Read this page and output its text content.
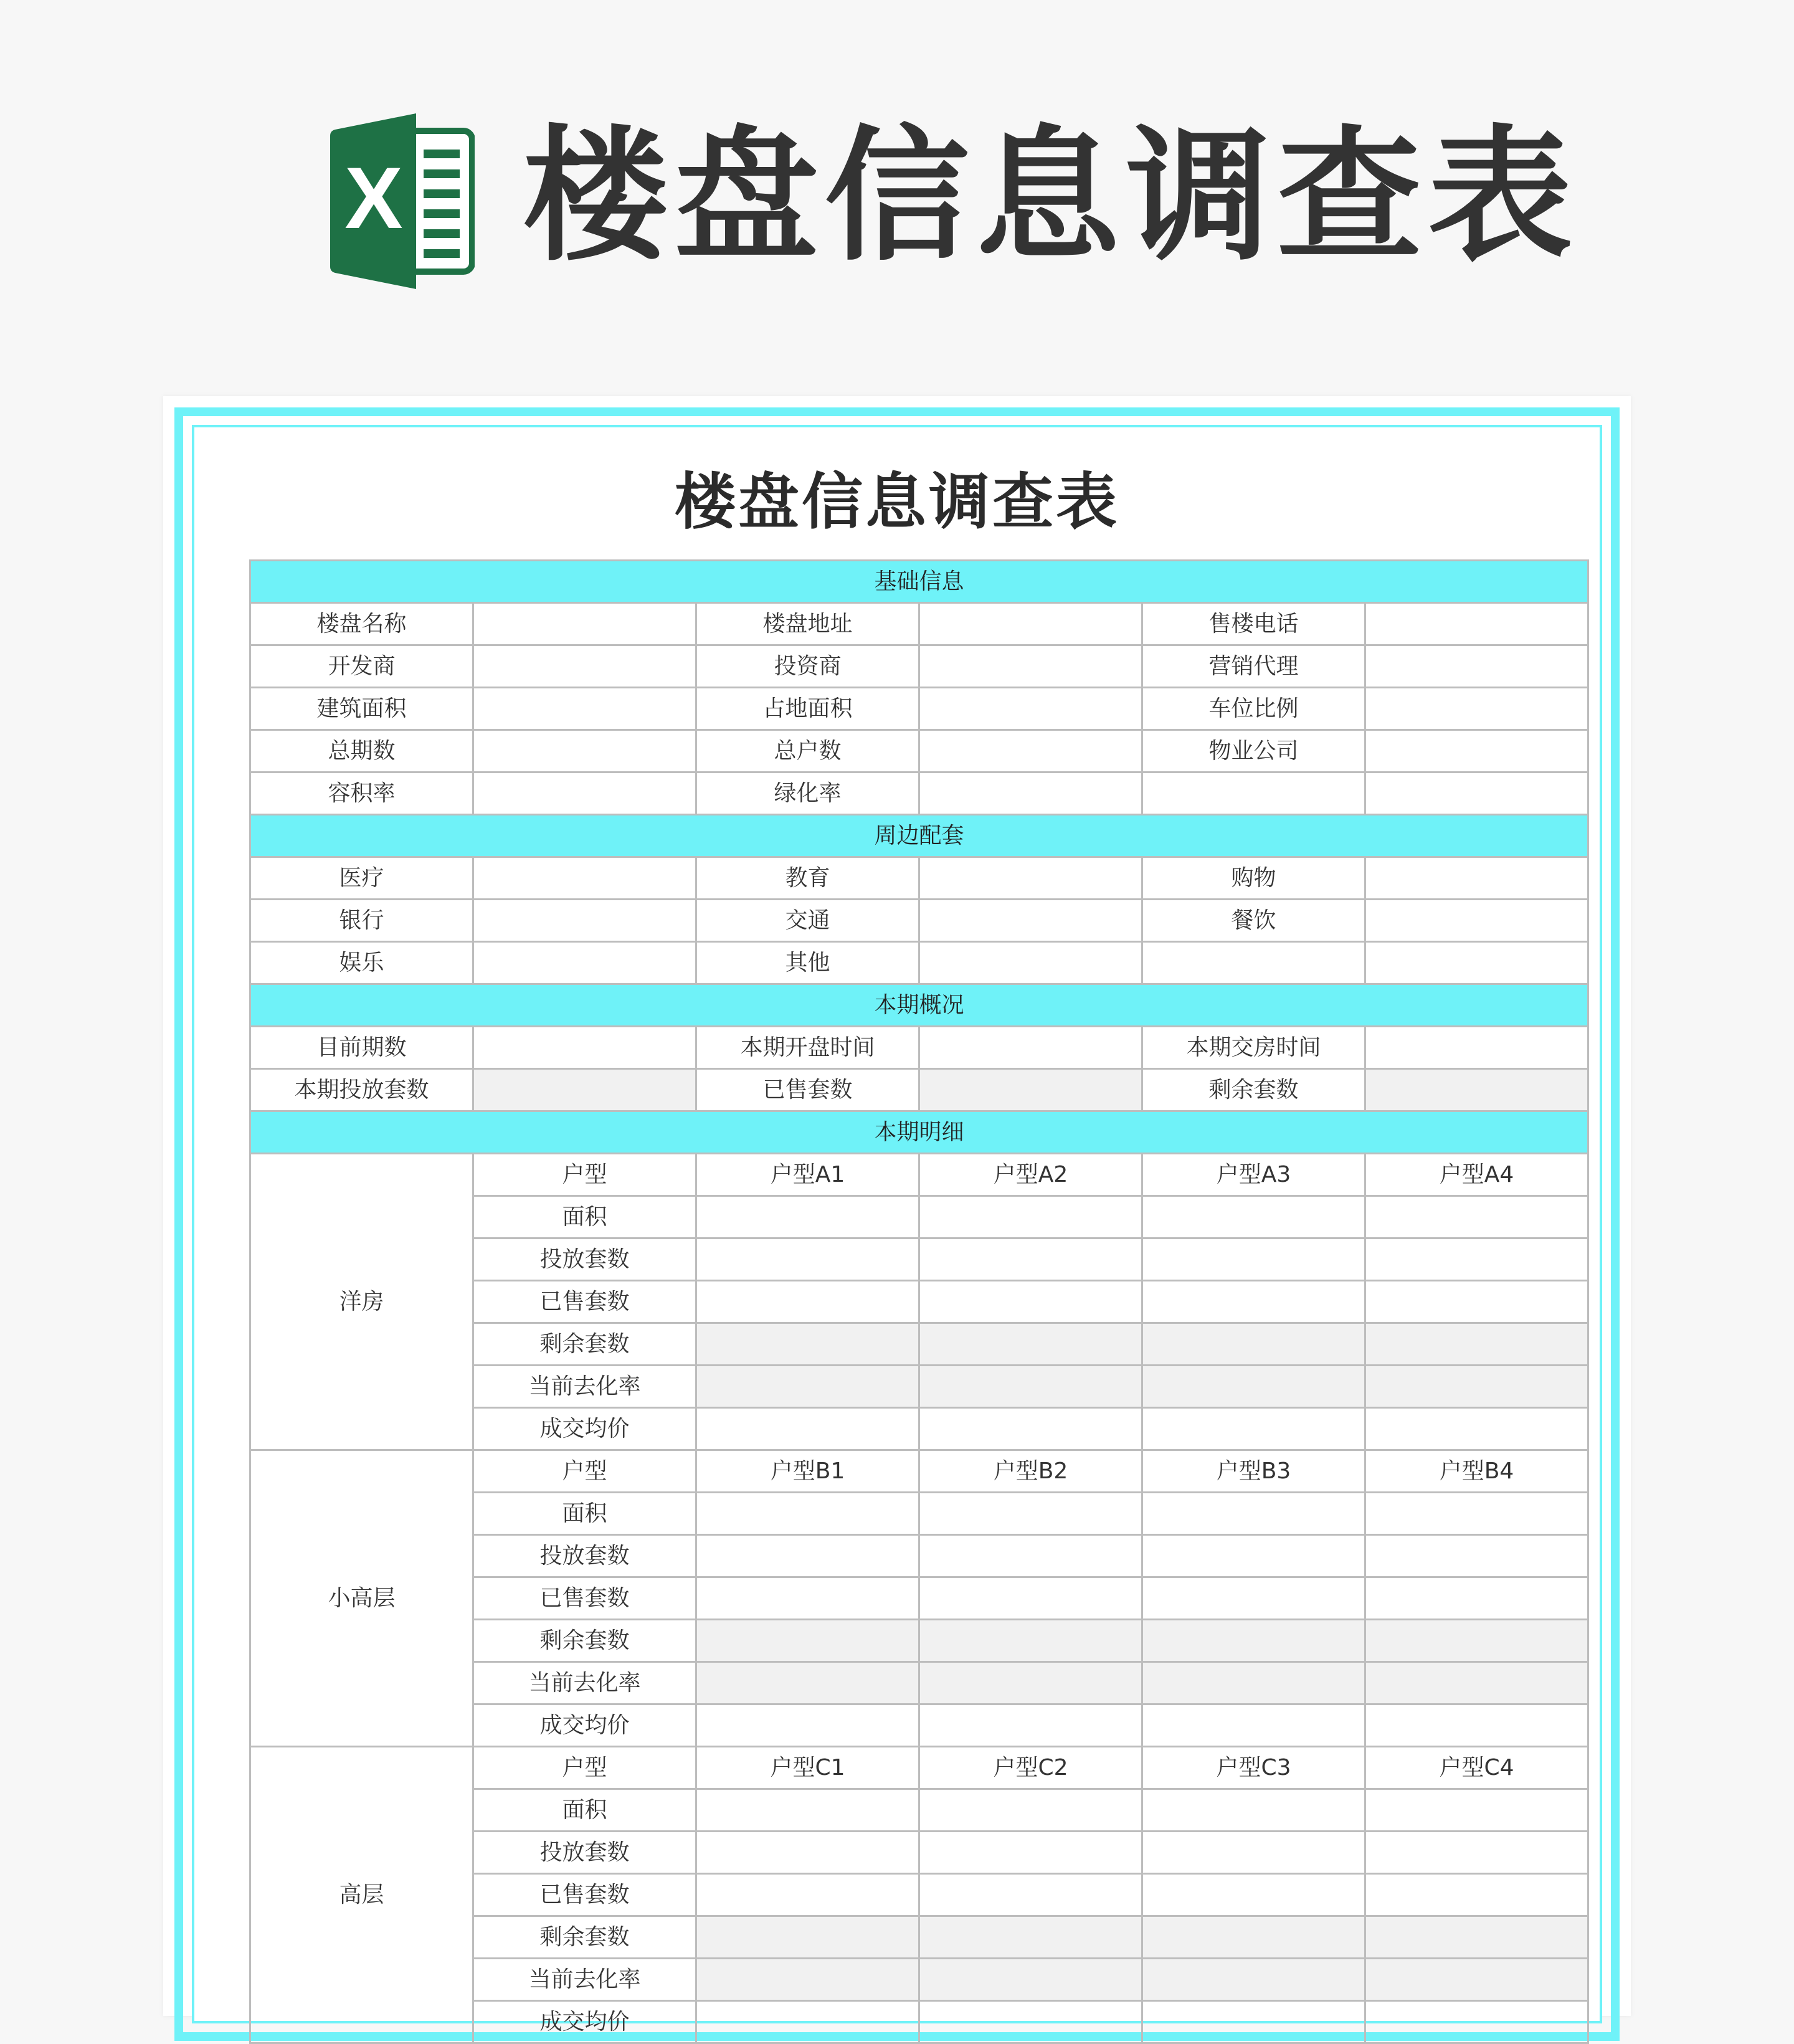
X 楼盘信息调查表
楼盘信息调查表
基础信息					
楼盘名称		楼盘地址		售楼电话	
开发商		投资商		营销代理	
建筑面积		占地面积		车位比例	
总期数		总户数		物业公司	
容积率		绿化率			
周边配套					
医疗		教育		购物	
银行		交通		餐饮	
娱乐		其他			
本期概况					
目前期数		本期开盘时间		本期交房时间	
本期投放套数		已售套数		剩余套数	
本期明细					
洋房	户型	户型A1	户型A2	户型A3	户型A4
	面积				
	投放套数				
	已售套数				
	剩余套数				
	当前去化率				
	成交均价				
小高层	户型	户型B1	户型B2	户型B3	户型B4
	面积				
	投放套数				
	已售套数				
	剩余套数				
	当前去化率				
	成交均价				
高层	户型	户型C1	户型C2	户型C3	户型C4
	面积				
	投放套数				
	已售套数				
	剩余套数				
	当前去化率				
	成交均价				
